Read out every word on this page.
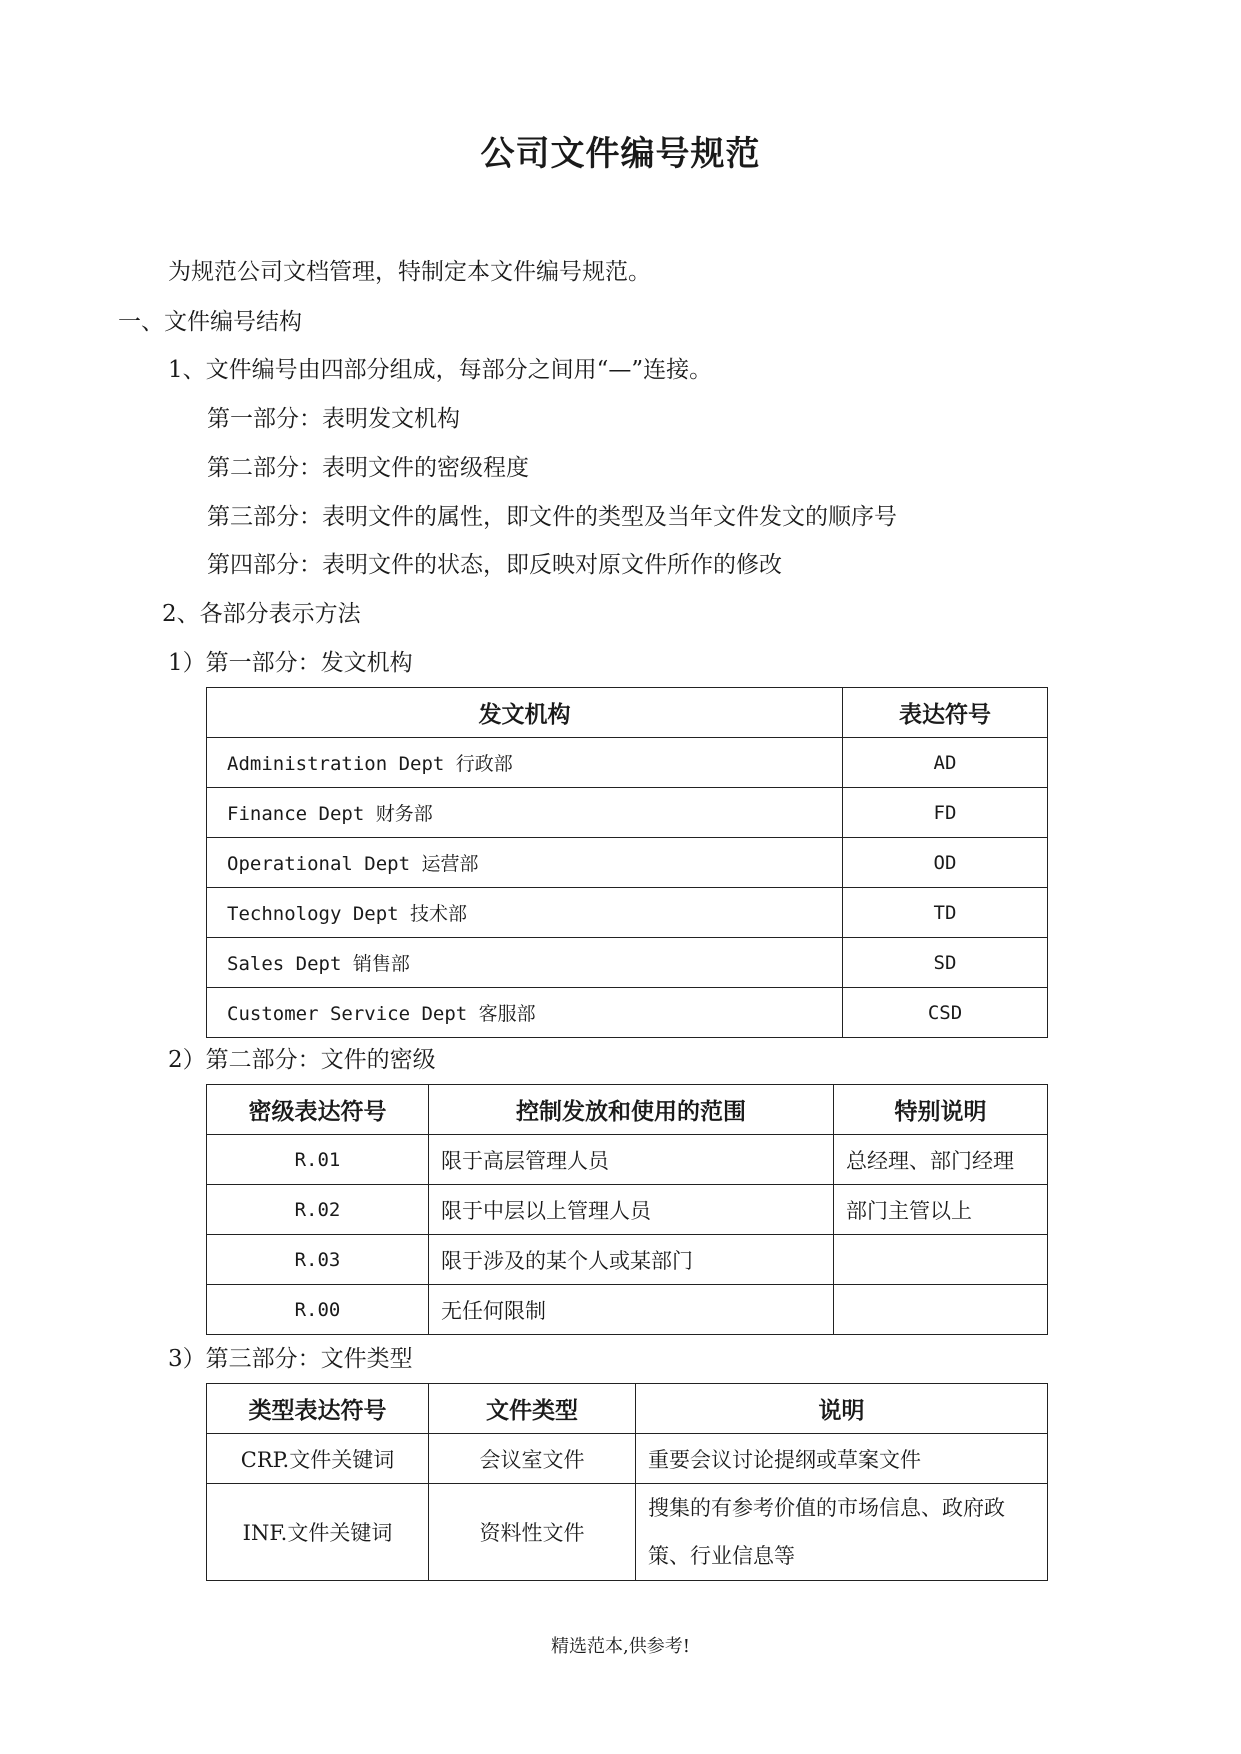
公司文件编号规范
为规范公司文档管理，特制定本文件编号规范。
一、文件编号结构
1、文件编号由四部分组成，每部分之间用“—”连接。
第一部分：表明发文机构
第二部分：表明文件的密级程度
第三部分：表明文件的属性，即文件的类型及当年文件发文的顺序号
第四部分：表明文件的状态，即反映对原文件所作的修改
2、各部分表示方法
1）第一部分：发文机构
发文机构	表达符号
Administration Dept 行政部	AD
Finance Dept 财务部	FD
Operational Dept 运营部	OD
Technology Dept 技术部	TD
Sales Dept 销售部	SD
Customer Service Dept 客服部	CSD
2）第二部分：文件的密级
密级表达符号	控制发放和使用的范围	特别说明
R.01	限于高层管理人员	总经理、部门经理
R.02	限于中层以上管理人员	部门主管以上
R.03	限于涉及的某个人或某部门	
R.00	无任何限制	
3）第三部分：文件类型
类型表达符号	文件类型	说明
CRP.文件关键词	会议室文件	重要会议讨论提纲或草案文件
INF.文件关键词	资料性文件	搜集的有参考价值的市场信息、政府政策、行业信息等
精选范本,供参考!
